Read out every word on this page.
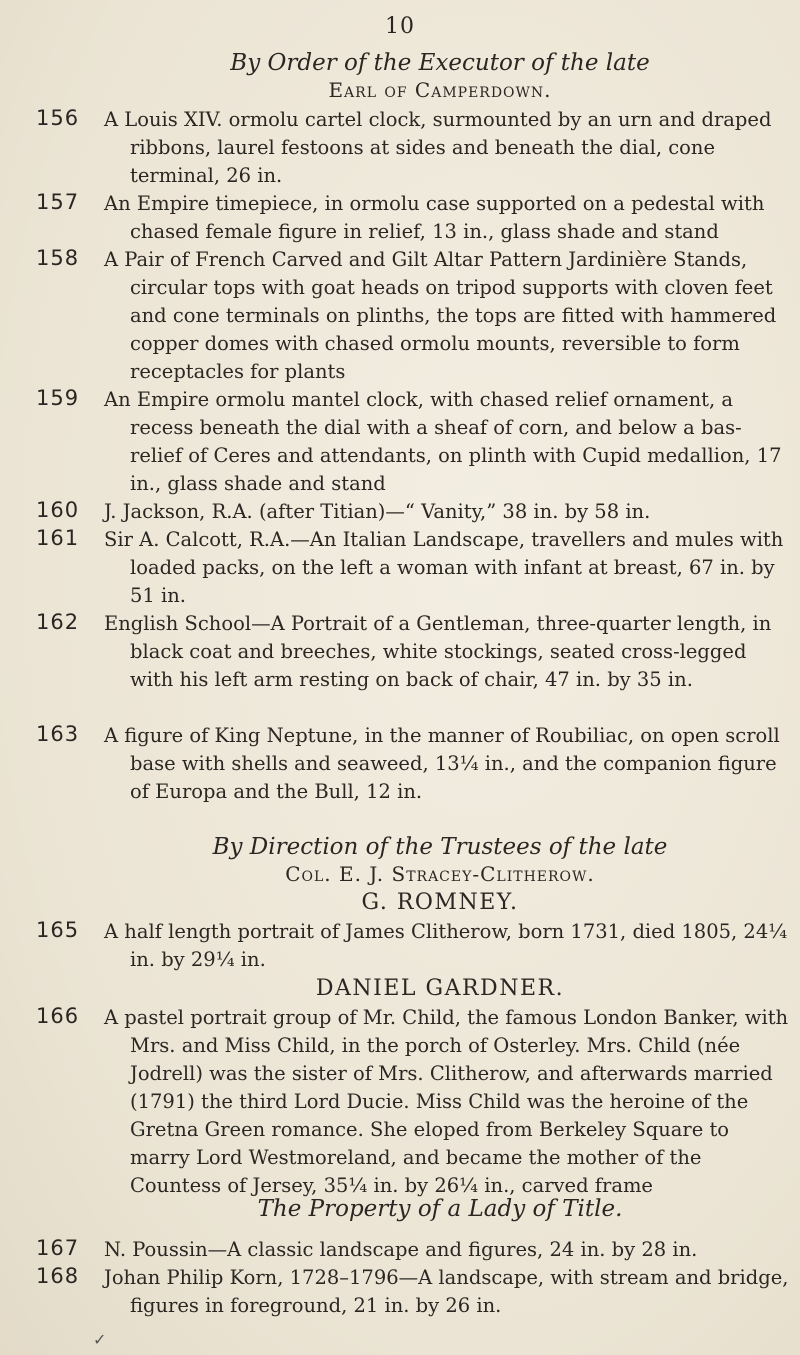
10
By Order of the Executor of the late
Earl of Camperdown.
156 A Louis XIV. ormolu cartel clock, surmounted by an urn and draped ribbons, laurel festoons at sides and beneath the dial, cone terminal, 26 in.
157 An Empire timepiece, in ormolu case supported on a pedestal with chased female figure in relief, 13 in., glass shade and stand
158 A Pair of French Carved and Gilt Altar Pattern Jardinière Stands, circular tops with goat heads on tripod supports with cloven feet and cone terminals on plinths, the tops are fitted with hammered copper domes with chased ormolu mounts, reversible to form receptacles for plants
159 An Empire ormolu mantel clock, with chased relief ornament, a recess beneath the dial with a sheaf of corn, and below a bas-relief of Ceres and attendants, on plinth with Cupid medallion, 17 in., glass shade and stand
160 J. Jackson, R.A. (after Titian)—“ Vanity,” 38 in. by 58 in.
161 Sir A. Calcott, R.A.—An Italian Landscape, travellers and mules with loaded packs, on the left a woman with infant at breast, 67 in. by 51 in.
162 English School—A Portrait of a Gentleman, three-quarter length, in black coat and breeches, white stockings, seated cross-legged with his left arm resting on back of chair, 47 in. by 35 in.
163 A figure of King Neptune, in the manner of Roubiliac, on open scroll base with shells and seaweed, 13¼ in., and the companion figure of Europa and the Bull, 12 in.
By Direction of the Trustees of the late
Col. E. J. Stracey-Clitherow.
G. ROMNEY.
165 A half length portrait of James Clitherow, born 1731, died 1805, 24¼ in. by 29¼ in.
DANIEL GARDNER.
166 A pastel portrait group of Mr. Child, the famous London Banker, with Mrs. and Miss Child, in the porch of Osterley. Mrs. Child (née Jodrell) was the sister of Mrs. Clitherow, and afterwards married (1791) the third Lord Ducie. Miss Child was the heroine of the Gretna Green romance. She eloped from Berkeley Square to marry Lord Westmoreland, and became the mother of the Countess of Jersey, 35¼ in. by 26¼ in., carved frame
The Property of a Lady of Title.
167 N. Poussin—A classic landscape and figures, 24 in. by 28 in.
168 Johan Philip Korn, 1728–1796—A landscape, with stream and bridge, figures in foreground, 21 in. by 26 in.
✓
